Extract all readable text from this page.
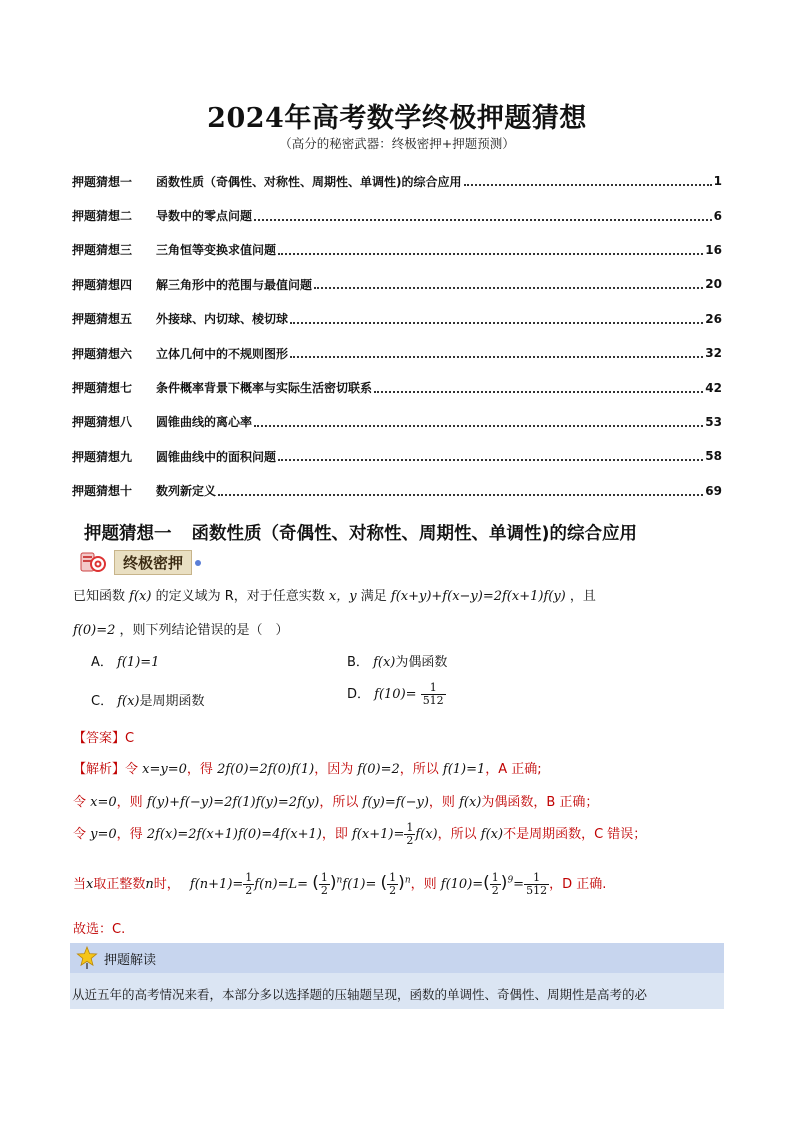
2024年高考数学终极押题猜想
（高分的秘密武器：终极密押+押题预测）
押题猜想一	函数性质（奇偶性、对称性、周期性、单调性)的综合应用	1
押题猜想二	导数中的零点问题	6
押题猜想三	三角恒等变换求值问题	16
押题猜想四	解三角形中的范围与最值问题	20
押题猜想五	外接球、内切球、棱切球	26
押题猜想六	立体几何中的不规则图形	32
押题猜想七	条件概率背景下概率与实际生活密切联系	42
押题猜想八	圆锥曲线的离心率	53
押题猜想九	圆锥曲线中的面积问题	58
押题猜想十	数列新定义	69
押题猜想一 函数性质（奇偶性、对称性、周期性、单调性)的综合应用
终极密押
已知函数 f(x) 的定义域为 R，对于任意实数 x，y 满足 f(x+y)+f(x−y)=2f(x+1)f(y) ，且
f(0)=2 ，则下列结论错误的是（　）
A． f(1)=1	B． f(x)为偶函数
C． f(x)是周期函数	D． $f(10)= \frac{1}{512}$
【答案】C
【解析】令 x=y=0，得 2f(0)=2f(0)f(1)，因为 f(0)=2，所以 f(1)=1，A 正确;
令 x=0，则 f(y)+f(−y)=2f(1)f(y)=2f(y)，所以 f(y)=f(−y)，则 f(x)为偶函数，B 正确；
令 y=0，得 2f(x)=2f(x+1)f(0)=4f(x+1)，即 $f(x+1)= \frac{1}{2} f(x)$，所以 f(x)不是周期函数，C 错误；
当x取正整数n时， $f(n+1)= \frac{1}{2} f(n)=L=$ ( $\frac{1}{2} )^nf(1)=$ ( $\frac{1}{2} )^n$，则 $f(10)=( \frac{1}{2} )^9= \frac{1}{512}$ ，D 正确.
故选：C.
押题解读
从近五年的高考情况来看，本部分多以选择题的压轴题呈现，函数的单调性、奇偶性、周期性是高考的必
